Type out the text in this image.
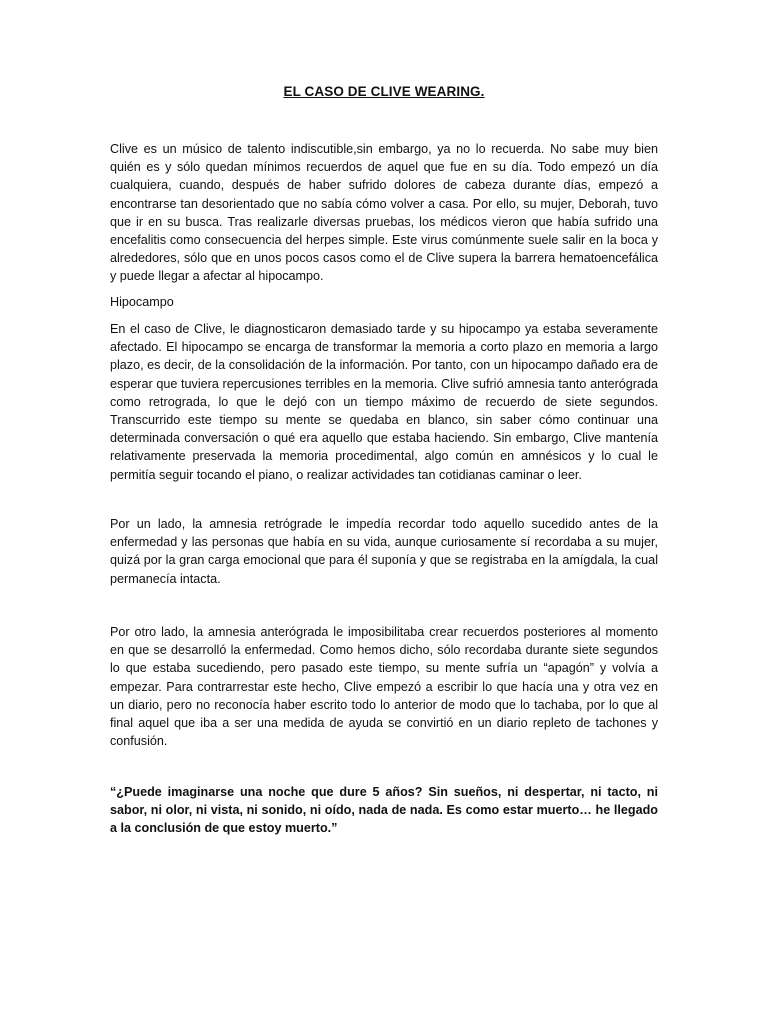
EL CASO DE CLIVE WEARING.

Clive es un músico de talento indiscutible,sin embargo, ya no lo recuerda. No sabe muy bien quién es y sólo quedan mínimos recuerdos de aquel que fue en su día. Todo empezó un día cualquiera, cuando, después de haber sufrido dolores de cabeza durante días, empezó a encontrarse tan desorientado que no sabía cómo volver a casa. Por ello, su mujer, Deborah, tuvo que ir en su busca. Tras realizarle diversas pruebas, los médicos vieron que había sufrido una encefalitis como consecuencia del herpes simple. Este virus comúnmente suele salir en la boca y alrededores, sólo que en unos pocos casos como el de Clive supera la barrera hematoencefálica y puede llegar a afectar al hipocampo.

Hipocampo

En el caso de Clive, le diagnosticaron demasiado tarde y su hipocampo ya estaba severamente afectado. El hipocampo se encarga de transformar la memoria a corto plazo en memoria a largo plazo, es decir, de la consolidación de la información. Por tanto, con un hipocampo dañado era de esperar que tuviera repercusiones terribles en la memoria. Clive sufrió amnesia tanto anterógrada como retrograda, lo que le dejó con un tiempo máximo de recuerdo de siete segundos. Transcurrido este tiempo su mente se quedaba en blanco, sin saber cómo continuar una determinada conversación o qué era aquello que estaba haciendo. Sin embargo, Clive mantenía relativamente preservada la memoria procedimental, algo común en amnésicos y lo cual le permitía seguir tocando el piano, o realizar actividades tan cotidianas caminar o leer.

Por un lado, la amnesia retrógrade le impedía recordar todo aquello sucedido antes de la enfermedad y las personas que había en su vida, aunque curiosamente sí recordaba a su mujer, quizá por la gran carga emocional que para él suponía y que se registraba en la amígdala, la cual permanecía intacta.

Por otro lado, la amnesia anterógrada le imposibilitaba crear recuerdos posteriores al momento en que se desarrolló la enfermedad. Como hemos dicho, sólo recordaba durante siete segundos lo que estaba sucediendo, pero pasado este tiempo, su mente sufría un “apagón” y volvía a empezar. Para contrarrestar este hecho, Clive empezó a escribir lo que hacía una y otra vez en un diario, pero no reconocía haber escrito todo lo anterior de modo que lo tachaba, por lo que al final aquel que iba a ser una medida de ayuda se convirtió en un diario repleto de tachones y confusión.

“¿Puede imaginarse una noche que dure 5 años? Sin sueños, ni despertar, ni tacto, ni sabor, ni olor, ni vista, ni sonido, ni oído, nada de nada. Es como estar muerto… he llegado a la conclusión de que estoy muerto.”
